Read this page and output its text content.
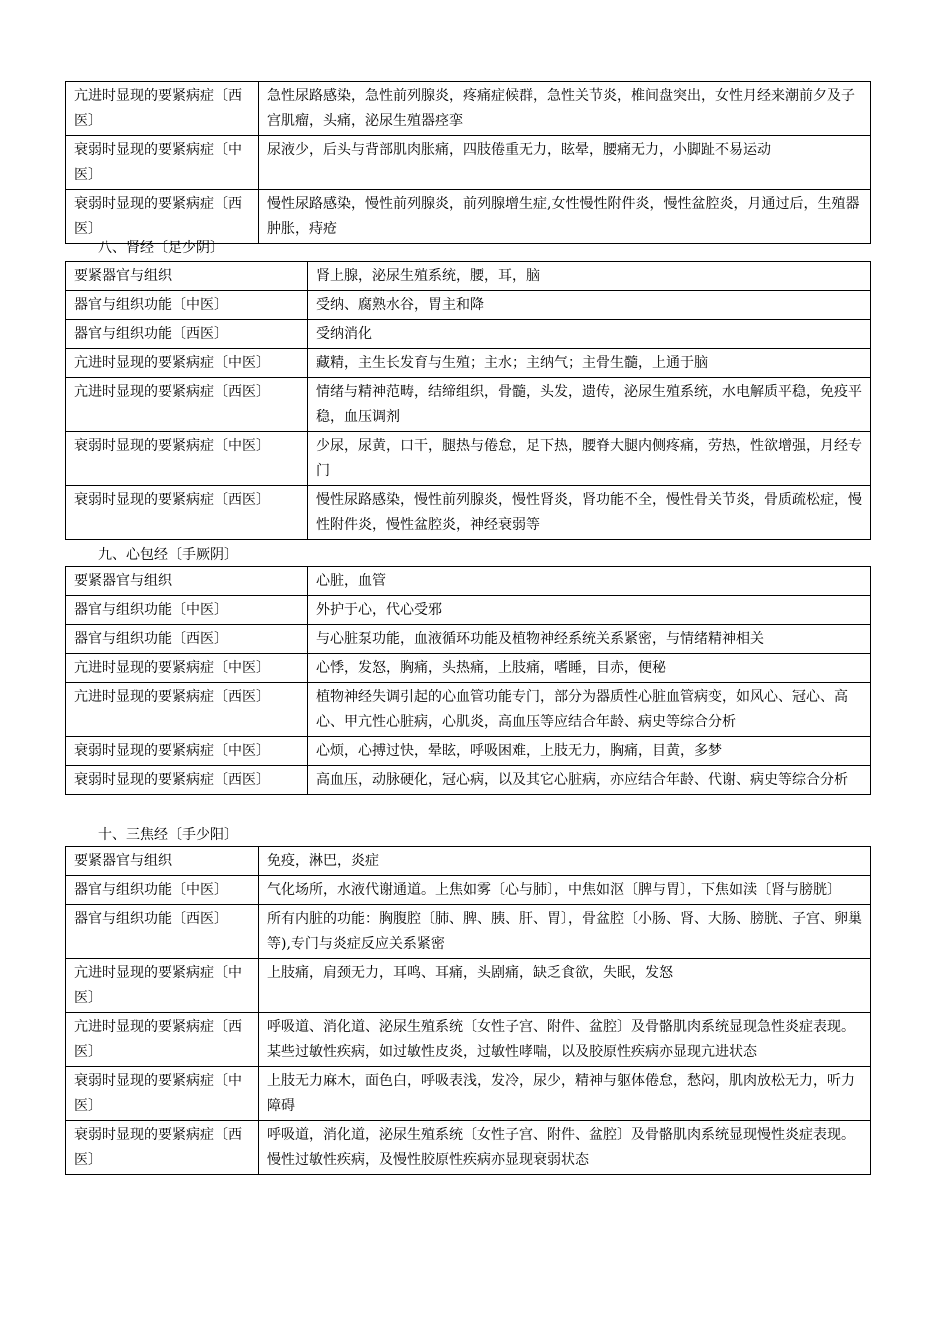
亢进时显现的要紧病症〔西医〕	急性尿路感染，急性前列腺炎，疼痛症候群，急性关节炎，椎间盘突出，女性月经来潮前夕及子宫肌瘤，头痛，泌尿生殖器痉挛
衰弱时显现的要紧病症〔中医〕	尿液少，后头与背部肌肉胀痛，四肢倦重无力，眩晕，腰痛无力，小脚趾不易运动
衰弱时显现的要紧病症〔西医〕	慢性尿路感染，慢性前列腺炎，前列腺增生症,女性慢性附件炎，慢性盆腔炎，月通过后，生殖器肿胀，痔疮
八、肾经〔足少阴〕
要紧器官与组织	肾上腺，泌尿生殖系统，腰，耳，脑
器官与组织功能〔中医〕	受纳、腐熟水谷，胃主和降
器官与组织功能〔西医〕	受纳消化
亢进时显现的要紧病症〔中医〕	藏精，主生长发育与生殖；主水；主纳气；主骨生髓，上通于脑
亢进时显现的要紧病症〔西医〕	情绪与精神范畴，结缔组织，骨髓，头发，遗传，泌尿生殖系统，水电解质平稳，免疫平稳，血压调剂
衰弱时显现的要紧病症〔中医〕	少尿，尿黄，口干，腿热与倦怠，足下热，腰脊大腿内侧疼痛，劳热，性欲增强，月经专门
衰弱时显现的要紧病症〔西医〕	慢性尿路感染，慢性前列腺炎，慢性肾炎，肾功能不全，慢性骨关节炎，骨质疏松症，慢性附件炎，慢性盆腔炎，神经衰弱等
九、心包经〔手厥阴〕
要紧器官与组织	心脏，血管
器官与组织功能〔中医〕	外护于心，代心受邪
器官与组织功能〔西医〕	与心脏泵功能，血液循环功能及植物神经系统关系紧密，与情绪精神相关
亢进时显现的要紧病症〔中医〕	心悸，发怒，胸痛，头热痛，上肢痛，嗜睡，目赤，便秘
亢进时显现的要紧病症〔西医〕	植物神经失调引起的心血管功能专门，部分为器质性心脏血管病变，如风心、冠心、高心、甲亢性心脏病，心肌炎，高血压等应结合年龄、病史等综合分析
衰弱时显现的要紧病症〔中医〕	心烦，心搏过快，晕眩，呼吸困难，上肢无力，胸痛，目黄，多梦
衰弱时显现的要紧病症〔西医〕	高血压，动脉硬化，冠心病，以及其它心脏病，亦应结合年龄、代谢、病史等综合分析
十、三焦经〔手少阳〕
要紧器官与组织	免疫，淋巴，炎症
器官与组织功能〔中医〕	气化场所，水液代谢通道。上焦如雾〔心与肺〕，中焦如沤〔脾与胃〕，下焦如渎〔肾与膀胱〕
器官与组织功能〔西医〕	所有内脏的功能：胸腹腔〔肺、脾、胰、肝、胃〕，骨盆腔〔小肠、肾、大肠、膀胱、子宫、卵巢等),专门与炎症反应关系紧密
亢进时显现的要紧病症〔中医〕	上肢痛，肩颈无力，耳鸣、耳痛，头剧痛，缺乏食欲，失眠，发怒
亢进时显现的要紧病症〔西医〕	呼吸道、消化道、泌尿生殖系统〔女性子宫、附件、盆腔〕及骨骼肌肉系统显现急性炎症表现。某些过敏性疾病，如过敏性皮炎，过敏性哮喘，以及胶原性疾病亦显现亢进状态
衰弱时显现的要紧病症〔中医〕	上肢无力麻木，面色白，呼吸表浅，发冷，尿少，精神与躯体倦怠，愁闷，肌肉放松无力，听力障碍
衰弱时显现的要紧病症〔西医〕	呼吸道，消化道，泌尿生殖系统〔女性子宫、附件、盆腔〕及骨骼肌肉系统显现慢性炎症表现。慢性过敏性疾病，及慢性胶原性疾病亦显现衰弱状态
